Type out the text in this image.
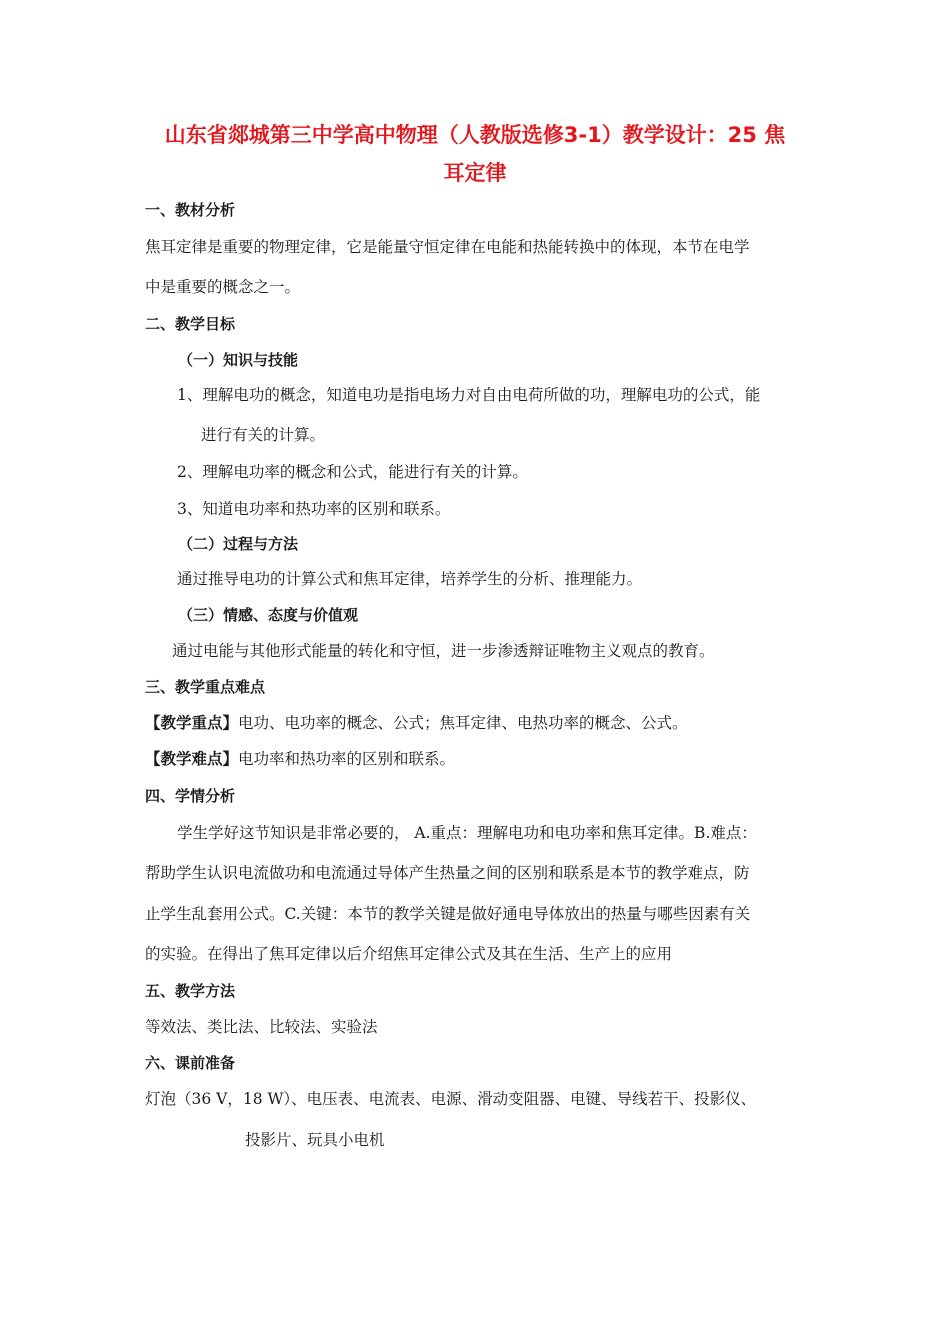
山东省郯城第三中学高中物理（人教版选修3-1）教学设计：25 焦
耳定律
一、教材分析
焦耳定律是重要的物理定律，它是能量守恒定律在电能和热能转换中的体现，本节在电学
中是重要的概念之一。
二、教学目标
（一）知识与技能
1、理解电功的概念，知道电功是指电场力对自由电荷所做的功，理解电功的公式，能
进行有关的计算。
2、理解电功率的概念和公式，能进行有关的计算。
3、知道电功率和热功率的区别和联系。
（二）过程与方法
通过推导电功的计算公式和焦耳定律，培养学生的分析、推理能力。
（三）情感、态度与价值观
通过电能与其他形式能量的转化和守恒，进一步渗透辩证唯物主义观点的教育。
三、教学重点难点
【教学重点】电功、电功率的概念、公式；焦耳定律、电热功率的概念、公式。
【教学难点】电功率和热功率的区别和联系。
四、学情分析
学生学好这节知识是非常必要的， A.重点：理解电功和电功率和焦耳定律。B.难点：
帮助学生认识电流做功和电流通过导体产生热量之间的区别和联系是本节的教学难点，防
止学生乱套用公式。C.关键：本节的教学关键是做好通电导体放出的热量与哪些因素有关
的实验。在得出了焦耳定律以后介绍焦耳定律公式及其在生活、生产上的应用
五、教学方法
等效法、类比法、比较法、实验法
六、课前准备
灯泡（36 V，18 W）、电压表、电流表、电源、滑动变阻器、电键、导线若干、投影仪、
投影片、玩具小电机
